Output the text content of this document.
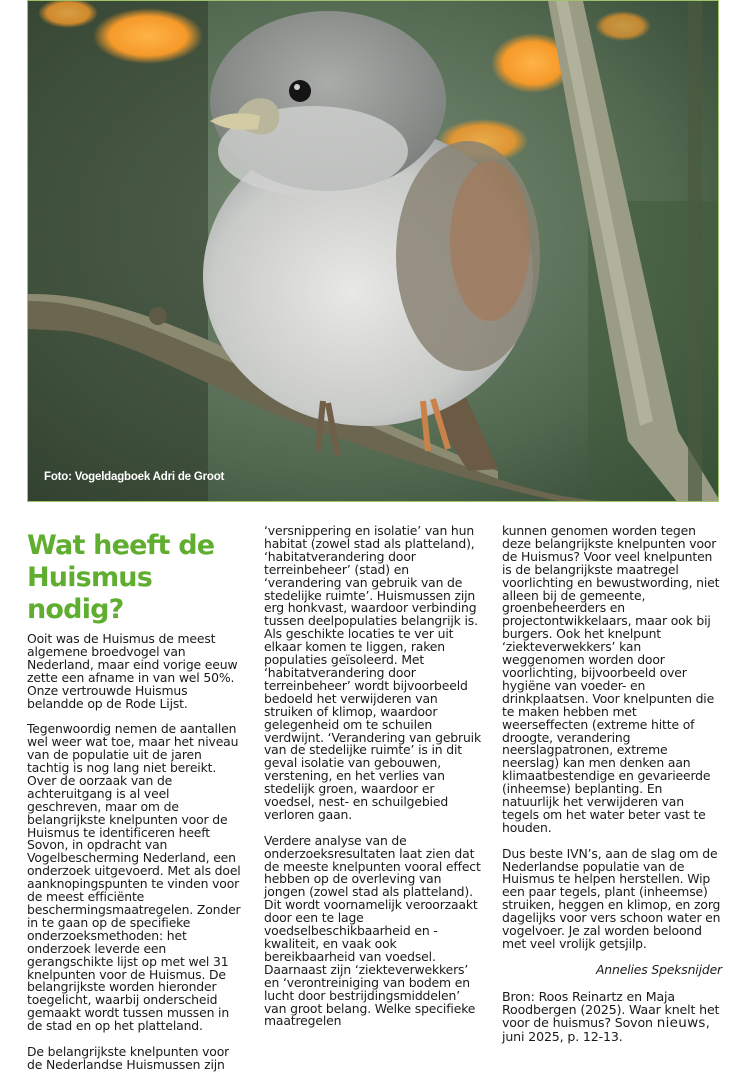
Foto: Vogeldagboek Adri de Groot
Wat heeft de
Huismus nodig?

Ooit was de Huismus de meest algemene broedvogel van Nederland, maar eind vorige eeuw zette een afname in van wel 50%. Onze vertrouwde Huismus belandde op de Rode Lijst.

Tegenwoordig nemen de aantallen wel weer wat toe, maar het niveau van de populatie uit de jaren tachtig is nog lang niet bereikt. Over de oorzaak van de achteruitgang is al veel geschreven, maar om de belangrijkste knelpunten voor de Huismus te identificeren heeft Sovon, in opdracht van Vogelbescherming Nederland, een onderzoek uitgevoerd. Met als doel aanknopingspunten te vinden voor de meest efficiënte beschermingsmaatregelen. Zonder in te gaan op de specifieke onderzoeksmethoden: het onderzoek leverde een gerangschikte lijst op met wel 31 knelpunten voor de Huismus. De belangrijkste worden hieronder toegelicht, waarbij onderscheid gemaakt wordt tussen mussen in de stad en op het platteland.

De belangrijkste knelpunten voor de Nederlandse Huismussen zijn

‘versnippering en isolatie’ van hun habitat (zowel stad als platteland), ‘habitatverandering door terreinbeheer’ (stad) en ‘verandering van gebruik van de stedelijke ruimte’. Huismussen zijn erg honkvast, waardoor verbinding tussen deelpopulaties belangrijk is. Als geschikte locaties te ver uit elkaar komen te liggen, raken populaties geïsoleerd. Met ‘habitatverandering door terreinbeheer’ wordt bijvoorbeeld bedoeld het verwijderen van struiken of klimop, waardoor gelegenheid om te schuilen verdwijnt. ‘Verandering van gebruik van de stedelijke ruimte’ is in dit geval isolatie van gebouwen, verstening, en het verlies van stedelijk groen, waardoor er voedsel, nest- en schuilgebied verloren gaan.

Verdere analyse van de onderzoeksresultaten laat zien dat de meeste knelpunten vooral effect hebben op de overleving van jongen (zowel stad als platteland). Dit wordt voornamelijk veroorzaakt door een te lage voedselbeschikbaarheid en -kwaliteit, en vaak ook bereikbaarheid van voedsel. Daarnaast zijn ‘ziekteverwekkers’ en ‘verontreiniging van bodem en lucht door bestrijdingsmiddelen’ van groot belang. Welke specifieke maatregelen

kunnen genomen worden tegen deze belangrijkste knelpunten voor de Huismus? Voor veel knelpunten is de belangrijkste maatregel voorlichting en bewustwording, niet alleen bij de gemeente, groenbeheerders en projectontwikkelaars, maar ook bij burgers. Ook het knelpunt ‘ziekteverwekkers’ kan weggenomen worden door voorlichting, bijvoorbeeld over hygiëne van voeder- en drinkplaatsen. Voor knelpunten die te maken hebben met weerseffecten (extreme hitte of droogte, verandering neerslagpatronen, extreme neerslag) kan men denken aan klimaatbestendige en gevarieerde (inheemse) beplanting. En natuurlijk het verwijderen van tegels om het water beter vast te houden.

Dus beste IVN’s, aan de slag om de Nederlandse populatie van de Huismus te helpen herstellen. Wip een paar tegels, plant (inheemse) struiken, heggen en klimop, en zorg dagelijks voor vers schoon water en vogelvoer. Je zal worden beloond met veel vrolijk getsjilp.

Annelies Speksnijder

Bron: Roos Reinartz en Maja Roodbergen (2025). Waar knelt het voor de huismus? Sovon nieuws, juni 2025, p. 12-13.
